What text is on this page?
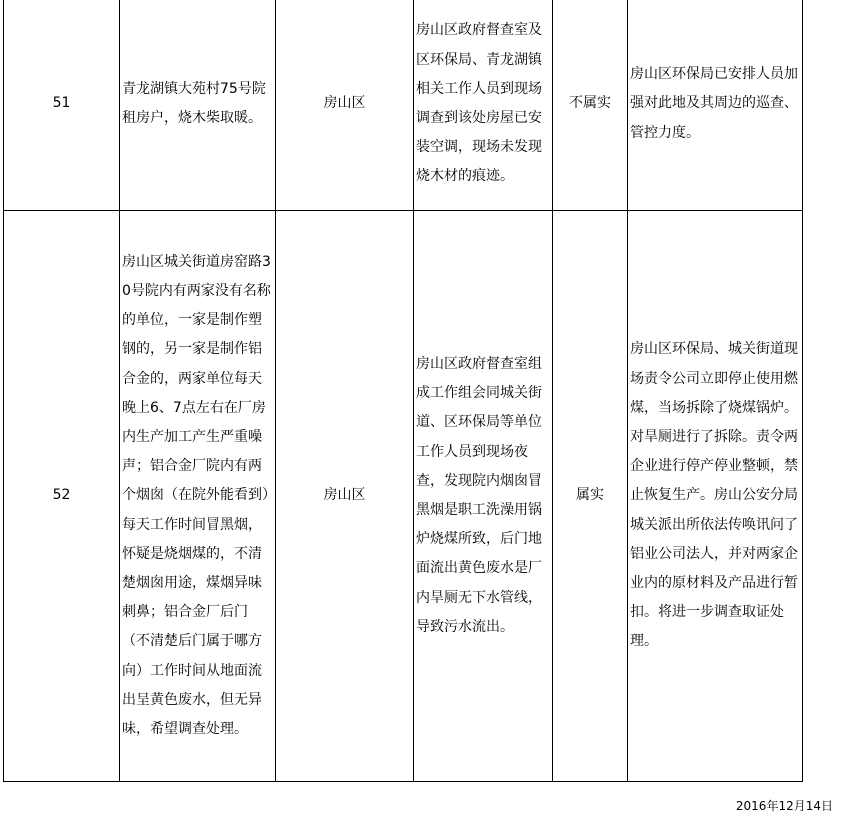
51	青龙湖镇大苑村75号院租房户，烧木柴取暖。	房山区	房山区政府督查室及区环保局、青龙湖镇相关工作人员到现场调查到该处房屋已安装空调，现场未发现烧木材的痕迹。	不属实	房山区环保局已安排人员加强对此地及其周边的巡查、管控力度。
52	房山区城关街道房窑路30号院内有两家没有名称的单位，一家是制作塑钢的，另一家是制作铝合金的，两家单位每天晚上6、7点左右在厂房内生产加工产生严重噪声；铝合金厂院内有两个烟囱（在院外能看到）每天工作时间冒黑烟，怀疑是烧烟煤的，不清楚烟囱用途，煤烟异味刺鼻；铝合金厂后门（不清楚后门属于哪方向）工作时间从地面流出呈黄色废水，但无异味，希望调查处理。	房山区	房山区政府督查室组成工作组会同城关街道、区环保局等单位工作人员到现场夜查，发现院内烟囱冒黑烟是职工洗澡用锅炉烧煤所致，后门地面流出黄色废水是厂内旱厕无下水管线，导致污水流出。	属实	房山区环保局、城关街道现场责令公司立即停止使用燃煤，当场拆除了烧煤锅炉。对旱厕进行了拆除。责令两企业进行停产停业整顿，禁止恢复生产。房山公安分局城关派出所依法传唤讯问了铝业公司法人，并对两家企业内的原材料及产品进行暂扣。将进一步调查取证处理。
2016年12月14日
